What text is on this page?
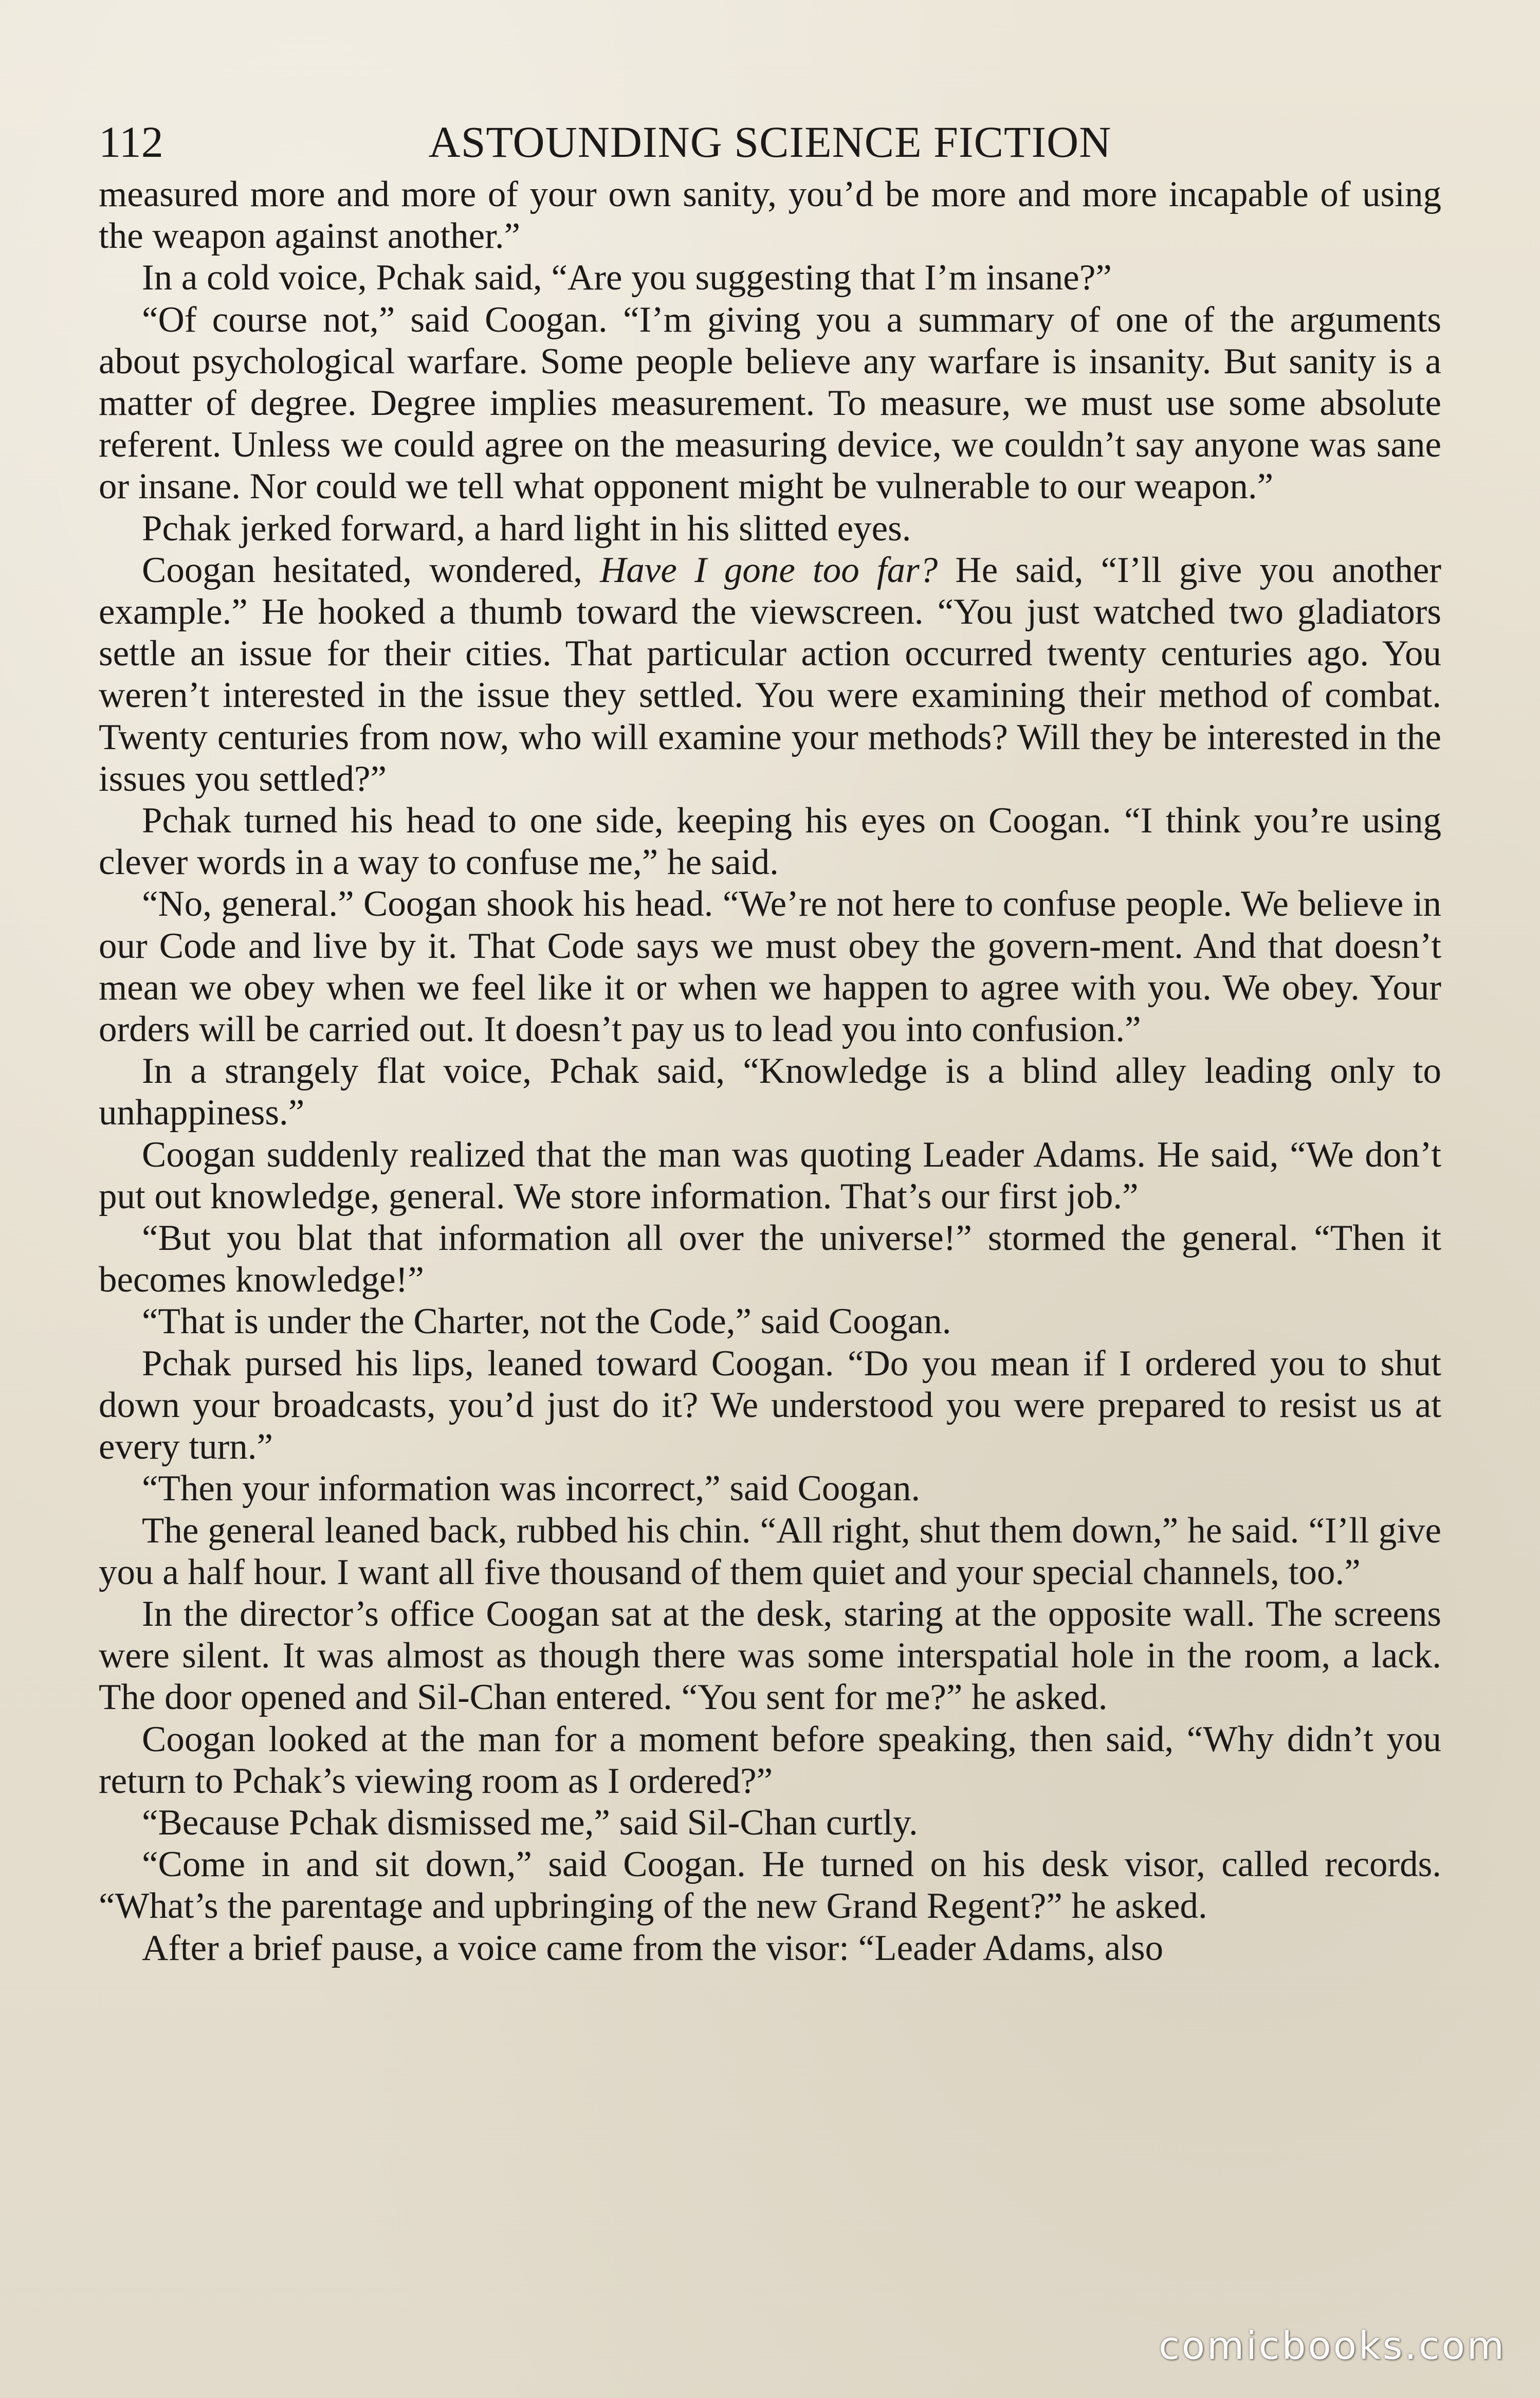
112	ASTOUNDING SCIENCE FICTION

measured more and more of your own sanity, you’d be more and more incapable of using the weapon against another.”

In a cold voice, Pchak said, “Are you suggesting that I’m insane?”

“Of course not,” said Coogan. “I’m giving you a summary of one of the arguments about psychological warfare. Some people believe any warfare is insanity. But sanity is a matter of degree. Degree implies measurement. To measure, we must use some absolute referent. Unless we could agree on the measuring device, we couldn’t say anyone was sane or insane. Nor could we tell what opponent might be vulnerable to our weapon.”

Pchak jerked forward, a hard light in his slitted eyes.

Coogan hesitated, wondered, Have I gone too far? He said, “I’ll give you another example.” He hooked a thumb toward the viewscreen. “You just watched two gladiators settle an issue for their cities. That particular action occurred twenty centuries ago. You weren’t interested in the issue they settled. You were examining their method of combat. Twenty centuries from now, who will examine your methods? Will they be interested in the issues you settled?”

Pchak turned his head to one side, keeping his eyes on Coogan. “I think you’re using clever words in a way to confuse me,” he said.

“No, general.” Coogan shook his head. “We’re not here to confuse people. We believe in our Code and live by it. That Code says we must obey the govern-ment. And that doesn’t mean we obey when we feel like it or when we happen to agree with you. We obey. Your orders will be carried out. It doesn’t pay us to lead you into confusion.”

In a strangely flat voice, Pchak said, “Knowledge is a blind alley leading only to unhappiness.”

Coogan suddenly realized that the man was quoting Leader Adams. He said, “We don’t put out knowledge, general. We store information. That’s our first job.”

“But you blat that information all over the universe!” stormed the general. “Then it becomes knowledge!”

“That is under the Charter, not the Code,” said Coogan.

Pchak pursed his lips, leaned toward Coogan. “Do you mean if I ordered you to shut down your broadcasts, you’d just do it? We understood you were prepared to resist us at every turn.”

“Then your information was incorrect,” said Coogan.

The general leaned back, rubbed his chin. “All right, shut them down,” he said. “I’ll give you a half hour. I want all five thousand of them quiet and your special channels, too.”

In the director’s office Coogan sat at the desk, staring at the opposite wall. The screens were silent. It was almost as though there was some interspatial hole in the room, a lack. The door opened and Sil-Chan entered. “You sent for me?” he asked.

Coogan looked at the man for a moment before speaking, then said, “Why didn’t you return to Pchak’s viewing room as I ordered?”

“Because Pchak dismissed me,” said Sil-Chan curtly.

“Come in and sit down,” said Coogan. He turned on his desk visor, called records. “What’s the parentage and upbringing of the new Grand Regent?” he asked.

After a brief pause, a voice came from the visor: “Leader Adams, also

comicbooks.com
